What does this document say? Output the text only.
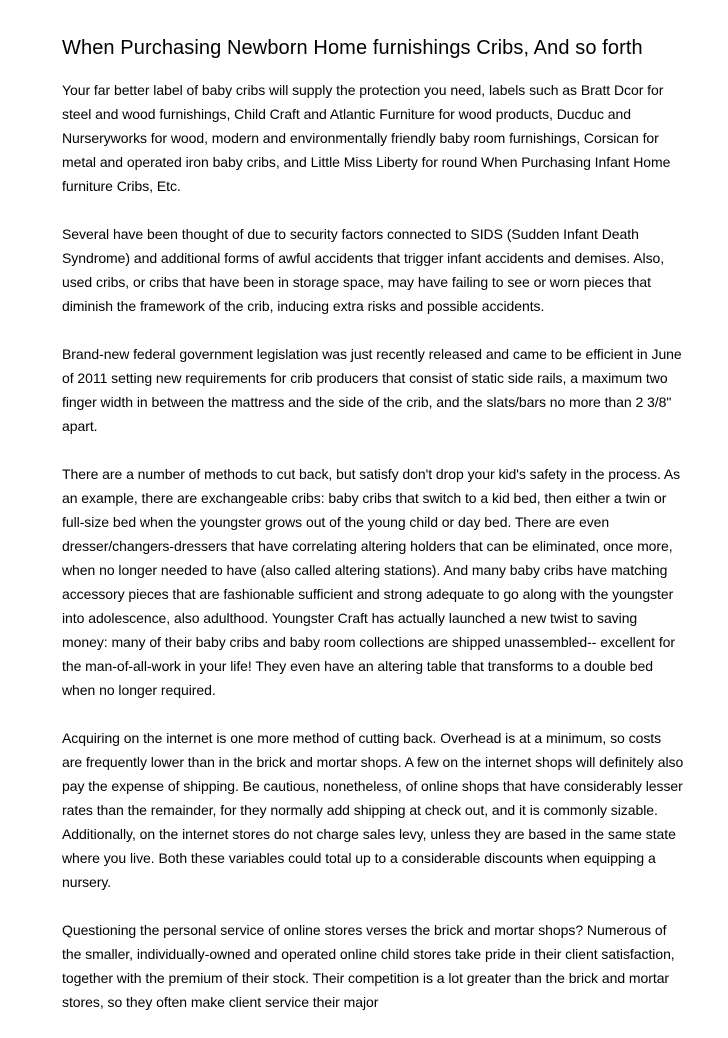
When Purchasing Newborn Home furnishings Cribs, And so forth

Your far better label of baby cribs will supply the protection you need, labels such as Bratt Dcor for steel and wood furnishings, Child Craft and Atlantic Furniture for wood products, Ducduc and Nurseryworks for wood, modern and environmentally friendly baby room furnishings, Corsican for metal and operated iron baby cribs, and Little Miss Liberty for round When Purchasing Infant Home furniture Cribs, Etc.

Several have been thought of due to security factors connected to SIDS (Sudden Infant Death Syndrome) and additional forms of awful accidents that trigger infant accidents and demises. Also, used cribs, or cribs that have been in storage space, may have failing to see or worn pieces that diminish the framework of the crib, inducing extra risks and possible accidents.

Brand-new federal government legislation was just recently released and came to be efficient in June of 2011 setting new requirements for crib producers that consist of static side rails, a maximum two finger width in between the mattress and the side of the crib, and the slats/bars no more than 2 3/8" apart.

There are a number of methods to cut back, but satisfy don't drop your kid's safety in the process. As an example, there are exchangeable cribs: baby cribs that switch to a kid bed, then either a twin or full-size bed when the youngster grows out of the young child or day bed. There are even dresser/changers-dressers that have correlating altering holders that can be eliminated, once more, when no longer needed to have (also called altering stations). And many baby cribs have matching accessory pieces that are fashionable sufficient and strong adequate to go along with the youngster into adolescence, also adulthood. Youngster Craft has actually launched a new twist to saving money: many of their baby cribs and baby room collections are shipped unassembled-- excellent for the man-of-all-work in your life! They even have an altering table that transforms to a double bed when no longer required.

Acquiring on the internet is one more method of cutting back. Overhead is at a minimum, so costs are frequently lower than in the brick and mortar shops. A few on the internet shops will definitely also pay the expense of shipping. Be cautious, nonetheless, of online shops that have considerably lesser rates than the remainder, for they normally add shipping at check out, and it is commonly sizable. Additionally, on the internet stores do not charge sales levy, unless they are based in the same state where you live. Both these variables could total up to a considerable discounts when equipping a nursery.

Questioning the personal service of online stores verses the brick and mortar shops? Numerous of the smaller, individually-owned and operated online child stores take pride in their client satisfaction, together with the premium of their stock. Their competition is a lot greater than the brick and mortar stores, so they often make client service their major
